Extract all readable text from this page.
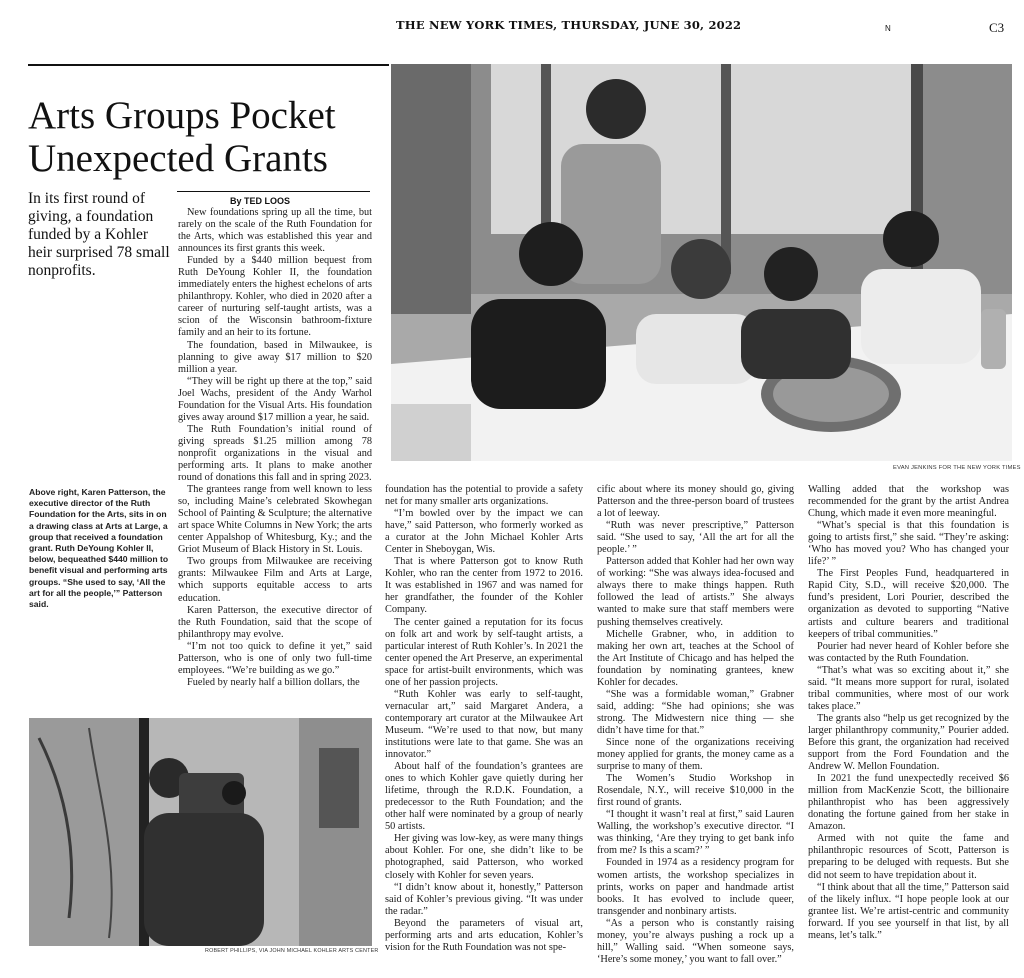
THE NEW YORK TIMES, THURSDAY, JUNE 30, 2022	N	C3
Arts Groups Pocket Unexpected Grants
In its first round of giving, a foundation funded by a Kohler heir surprised 78 small nonprofits.
By TED LOOS
EVAN JENKINS FOR THE NEW YORK TIMES
Above right, Karen Patterson, the executive director of the Ruth Foundation for the Arts, sits in on a drawing class at Arts at Large, a group that received a foundation grant. Ruth DeYoung Kohler II, below, bequeathed $440 million to benefit visual and performing arts groups. “She used to say, ‘All the art for all the people,’” Patterson said.
ROBERT PHILLIPS, VIA JOHN MICHAEL KOHLER ARTS CENTER

New foundations spring up all the time, but rarely on the scale of the Ruth Foundation for the Arts, which was established this year and announces its first grants this week.

Funded by a $440 million bequest from Ruth DeYoung Kohler II, the foundation immediately enters the highest echelons of arts philanthropy. Kohler, who died in 2020 after a career of nurturing self-taught artists, was a scion of the Wisconsin bathroom-fixture family and an heir to its fortune.

The foundation, based in Milwaukee, is planning to give away $17 million to $20 million a year.

“They will be right up there at the top,” said Joel Wachs, president of the Andy Warhol Foundation for the Visual Arts. His foundation gives away around $17 million a year, he said.

The Ruth Foundation’s initial round of giving spreads $1.25 million among 78 nonprofit organizations in the visual and performing arts. It plans to make another round of donations this fall and in spring 2023.

The grantees range from well known to less so, including Maine’s celebrated Skowhegan School of Painting & Sculpture; the alternative art space White Columns in New York; the arts center Appalshop of Whitesburg, Ky.; and the Griot Museum of Black History in St. Louis.

Two groups from Milwaukee are receiving grants: Milwaukee Film and Arts at Large, which supports equitable access to arts education.

Karen Patterson, the executive director of the Ruth Foundation, said that the scope of philanthropy may evolve.

“I’m not too quick to define it yet,” said Patterson, who is one of only two full-time employees. “We’re building as we go.”

Fueled by nearly half a billion dollars, the

foundation has the potential to provide a safety net for many smaller arts organizations.

“I’m bowled over by the impact we can have,” said Patterson, who formerly worked as a curator at the John Michael Kohler Arts Center in Sheboygan, Wis.

That is where Patterson got to know Ruth Kohler, who ran the center from 1972 to 2016. It was established in 1967 and was named for her grandfather, the founder of the Kohler Company.

The center gained a reputation for its focus on folk art and work by self-taught artists, a particular interest of Ruth Kohler’s. In 2021 the center opened the Art Preserve, an experimental space for artist-built environments, which was one of her passion projects.

“Ruth Kohler was early to self-taught, vernacular art,” said Margaret Andera, a contemporary art curator at the Milwaukee Art Museum. “We’re used to that now, but many institutions were late to that game. She was an innovator.”

About half of the foundation’s grantees are ones to which Kohler gave quietly during her lifetime, through the R.D.K. Foundation, a predecessor to the Ruth Foundation; and the other half were nominated by a group of nearly 50 artists.

Her giving was low-key, as were many things about Kohler. For one, she didn’t like to be photographed, said Patterson, who worked closely with Kohler for seven years.

“I didn’t know about it, honestly,” Patterson said of Kohler’s previous giving. “It was under the radar.”

Beyond the parameters of visual art, performing arts and arts education, Kohler’s vision for the Ruth Foundation was not spe-

cific about where its money should go, giving Patterson and the three-person board of trustees a lot of leeway.

“Ruth was never prescriptive,” Patterson said. “She used to say, ‘All the art for all the people.’ ”

Patterson added that Kohler had her own way of working: “She was always idea-focused and always there to make things happen. Ruth followed the lead of artists.” She always wanted to make sure that staff members were pushing themselves creatively.

Michelle Grabner, who, in addition to making her own art, teaches at the School of the Art Institute of Chicago and has helped the foundation by nominating grantees, knew Kohler for decades.

“She was a formidable woman,” Grabner said, adding: “She had opinions; she was strong. The Midwestern nice thing — she didn’t have time for that.”

Since none of the organizations receiving money applied for grants, the money came as a surprise to many of them.

The Women’s Studio Workshop in Rosendale, N.Y., will receive $10,000 in the first round of grants.

“I thought it wasn’t real at first,” said Lauren Walling, the workshop’s executive director. “I was thinking, ‘Are they trying to get bank info from me? Is this a scam?’ ”

Founded in 1974 as a residency program for women artists, the workshop specializes in prints, works on paper and handmade artist books. It has evolved to include queer, transgender and nonbinary artists.

“As a person who is constantly raising money, you’re always pushing a rock up a hill,” Walling said. “When someone says, ‘Here’s some money,’ you want to fall over.”

Walling added that the workshop was recommended for the grant by the artist Andrea Chung, which made it even more meaningful.

“What’s special is that this foundation is going to artists first,” she said. “They’re asking: ‘Who has moved you? Who has changed your life?’ ”

The First Peoples Fund, headquartered in Rapid City, S.D., will receive $20,000. The fund’s president, Lori Pourier, described the organization as devoted to supporting “Native artists and culture bearers and traditional keepers of tribal communities.”

Pourier had never heard of Kohler before she was contacted by the Ruth Foundation.

“That’s what was so exciting about it,” she said. “It means more support for rural, isolated tribal communities, where most of our work takes place.”

The grants also “help us get recognized by the larger philanthropy community,” Pourier added. Before this grant, the organization had received support from the Ford Foundation and the Andrew W. Mellon Foundation.

In 2021 the fund unexpectedly received $6 million from MacKenzie Scott, the billionaire philanthropist who has been aggressively donating the fortune gained from her stake in Amazon.

Armed with not quite the fame and philanthropic resources of Scott, Patterson is preparing to be deluged with requests. But she did not seem to have trepidation about it.

“I think about that all the time,” Patterson said of the likely influx. “I hope people look at our grantee list. We’re artist-centric and community forward. If you see yourself in that list, by all means, let’s talk.”
